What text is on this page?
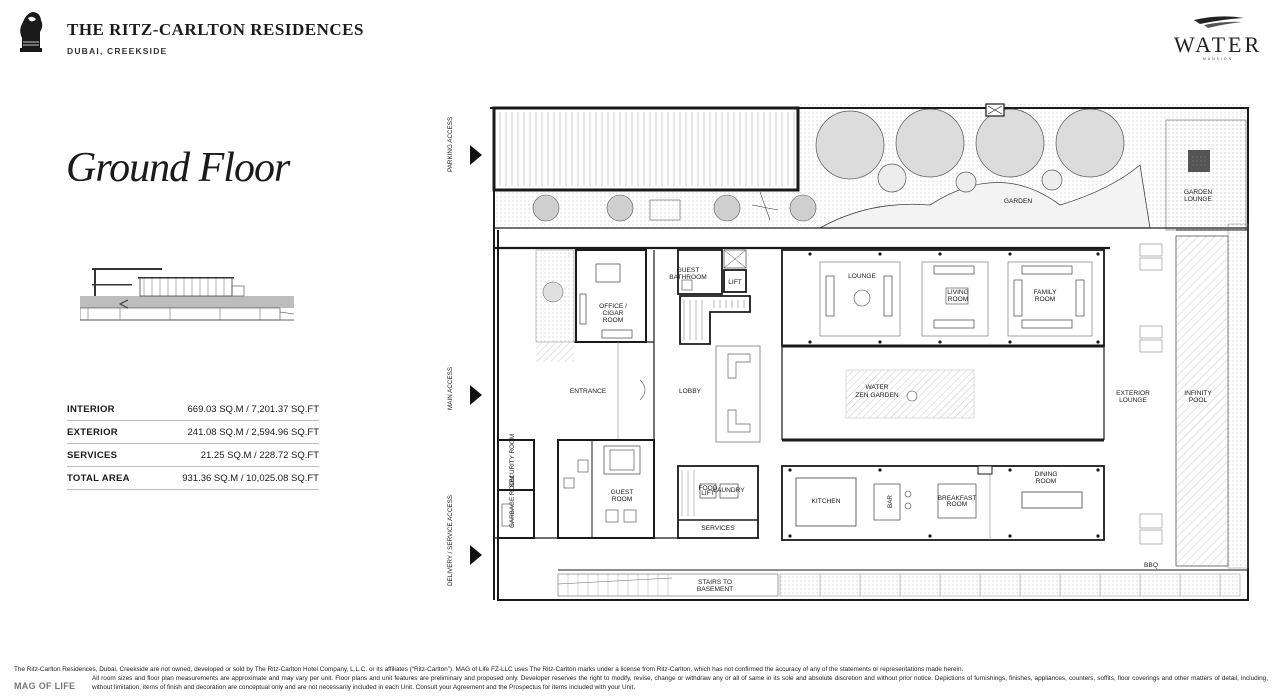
THE RITZ-CARLTON RESIDENCES
DUBAI, CREEKSIDE	WATER
MANSION
Ground Floor
INTERIOR	669.03 SQ.M / 7,201.37 SQ.FT
EXTERIOR	241.08 SQ.M / 2,594.96 SQ.FT
SERVICES	21.25 SQ.M / 228.72 SQ.FT
TOTAL AREA	931.36 SQ.M / 10,025.08 SQ.FT
PARKING ACCESS
MAIN ACCESS
DELIVERY / SERVICE ACCESS
GARDEN
GARDEN
LOUNGE
GUEST
BATHROOM
LIFT
OFFICE /
CIGAR
ROOM
LOUNGE
LIVING
ROOM
FAMILY
ROOM
ENTRANCE	LOBBY
WATER
ZEN GARDEN	EXTERIOR
LOUNGE
INFINITY
POOL
SECURITY ROOM
GARBAGE ROOM	GUEST
ROOM
FOOD
LIFT
LAUNDRY
SERVICES
KITCHEN	BAR	BREAKFAST
ROOM
DINING
ROOM
STAIRS TO
BASEMENT
BBQ
The Ritz-Carlton Residences, Dubai, Creekside are not owned, developed or sold by The Ritz-Carlton Hotel Company, L.L.C. or its affiliates (“Ritz-Carlton”). MAG of Life FZ-LLC uses The Ritz-Carlton marks under a license from Ritz-Carlton, which has not confirmed the accuracy of any of the statements or representations made herein.
All room sizes and floor plan measurements are approximate and may vary per unit. Floor plans and unit features are preliminary and proposed only. Developer reserves the right to modify, revise, change or withdraw any or all of same in its sole and absolute discretion and without prior notice. Depictions of furnishings, finishes, appliances, counters, soffits, floor coverings and other matters of detail, including, without limitation, items of finish and decoration are conceptual only and are not necessarily included in each Unit. Consult your Agreement and the Prospectus for items included with your Unit.
MAG OF LIFE
